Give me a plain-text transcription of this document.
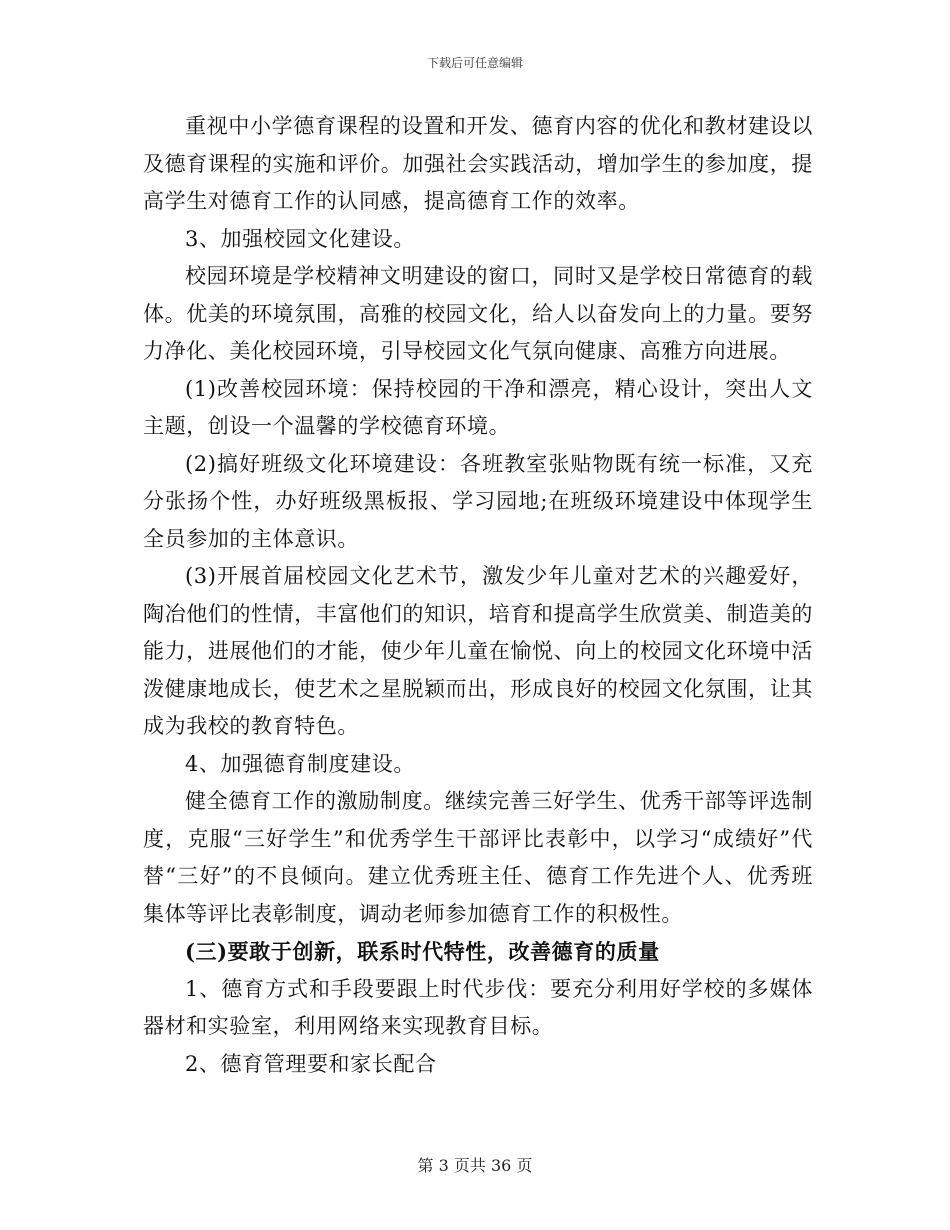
下载后可任意编辑

重视中小学德育课程的设置和开发、德育内容的优化和教材建设以及德育课程的实施和评价。加强社会实践活动，增加学生的参加度，提高学生对德育工作的认同感，提高德育工作的效率。

3、加强校园文化建设。

校园环境是学校精神文明建设的窗口，同时又是学校日常德育的载体。优美的环境氛围，高雅的校园文化，给人以奋发向上的力量。要努力净化、美化校园环境，引导校园文化气氛向健康、高雅方向进展。

(1)改善校园环境：保持校园的干净和漂亮，精心设计，突出人文主题，创设一个温馨的学校德育环境。

(2)搞好班级文化环境建设：各班教室张贴物既有统一标准，又充分张扬个性，办好班级黑板报、学习园地;在班级环境建设中体现学生全员参加的主体意识。

(3)开展首届校园文化艺术节，激发少年儿童对艺术的兴趣爱好，陶冶他们的性情，丰富他们的知识，培育和提高学生欣赏美、制造美的能力，进展他们的才能，使少年儿童在愉悦、向上的校园文化环境中活泼健康地成长，使艺术之星脱颖而出，形成良好的校园文化氛围，让其成为我校的教育特色。

4、加强德育制度建设。

健全德育工作的激励制度。继续完善三好学生、优秀干部等评选制度，克服“三好学生”和优秀学生干部评比表彰中，以学习“成绩好”代替“三好”的不良倾向。建立优秀班主任、德育工作先进个人、优秀班集体等评比表彰制度，调动老师参加德育工作的积极性。

(三)要敢于创新，联系时代特性，改善德育的质量

1、德育方式和手段要跟上时代步伐：要充分利用好学校的多媒体器材和实验室，利用网络来实现教育目标。

2、德育管理要和家长配合

第 3 页共 36 页
